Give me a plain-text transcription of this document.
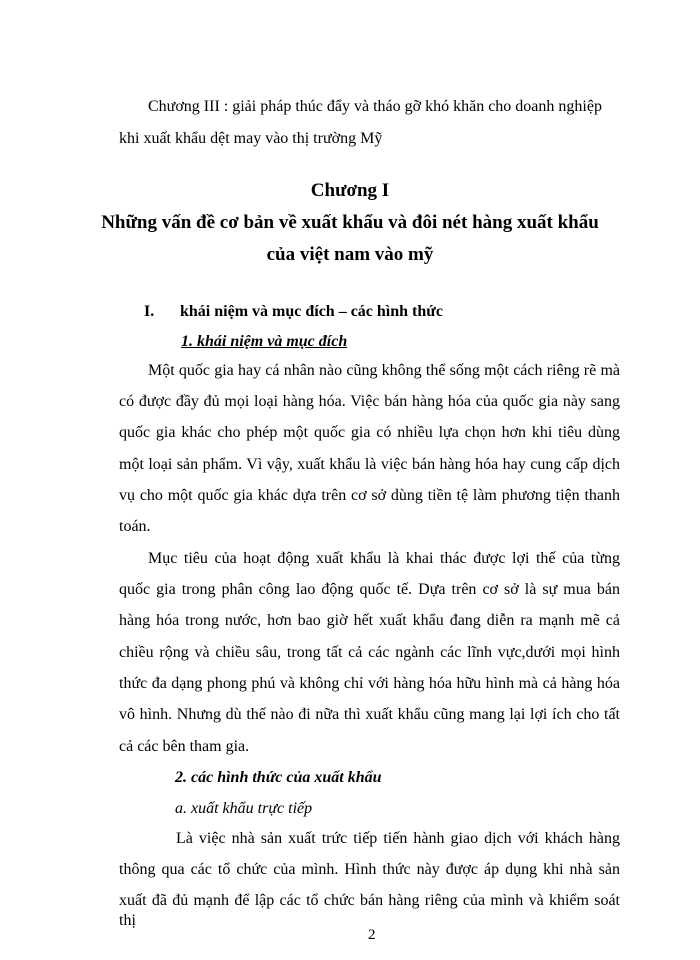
Chương III : giải pháp thúc đẩy và tháo gỡ khó khăn cho doanh nghiệp
khi xuất khẩu dệt may vào thị trường Mỹ
Chương I
Những vấn đề cơ bản về xuất khẩu và đôi nét hàng xuất khẩu
của việt nam vào mỹ
I. khái niệm và mục đích – các hình thức
1. khái niệm và mục đích
Một quốc gia hay cá nhân nào cũng không thể sống một cách riêng rẽ mà
có được đầy đủ mọi loại hàng hóa. Việc bán hàng hóa của quốc gia này sang
quốc gia khác cho phép một quốc gia có nhiều lựa chọn hơn khi tiêu dùng
một loại sản phẩm. Vì vậy, xuất khẩu là việc bán hàng hóa hay cung cấp dịch
vụ cho một quốc gia khác dựa trên cơ sở dùng tiền tệ làm phương tiện thanh
toán.
Mục tiêu của hoạt động xuất khẩu là khai thác được lợi thế của từng
quốc gia trong phân công lao động quốc tế. Dựa trên cơ sở là sự mua bán
hàng hóa trong nước, hơn bao giờ hết xuất khẩu đang diễn ra mạnh mẽ cả
chiều rộng và chiều sâu, trong tất cả các ngành các lĩnh vực,dưới mọi hình
thức đa dạng phong phú và không chỉ với hàng hóa hữu hình mà cả hàng hóa
vô hình. Nhưng dù thế nào đi nữa thì xuất khẩu cũng mang lại lợi ích cho tất
cả các bên tham gia.
2. các hình thức của xuất khẩu
a. xuất khẩu trực tiếp
Là việc nhà sản xuất trức tiếp tiến hành giao dịch với khách hàng
thông qua các tổ chức của mình. Hình thức này được áp dụng khi nhà sản
xuất đã đủ mạnh để lập các tổ chức bán hàng riêng của mình và khiểm soát thị
2
